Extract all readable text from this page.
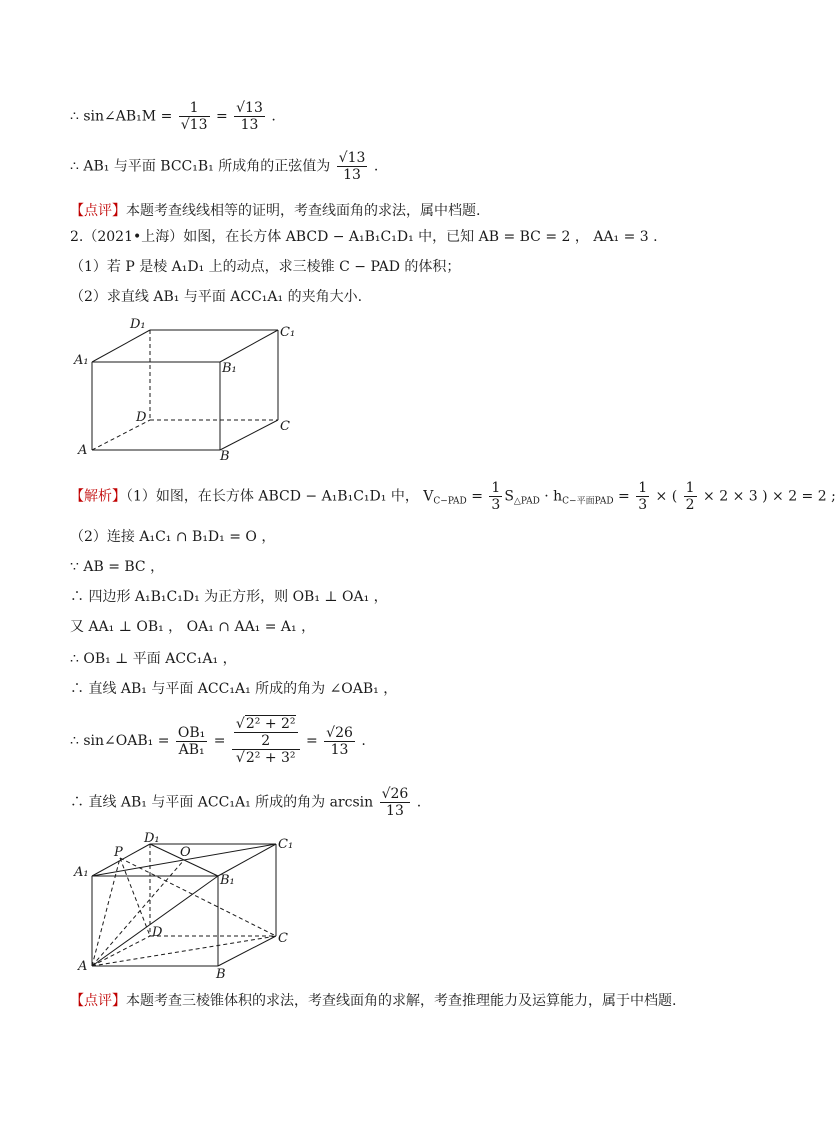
∴ sin∠AB₁M = $\frac{1}{√13} = \frac{√13}{13}$ .
∴ AB₁ 与平面 BCC₁B₁ 所成角的正弦值为 $\frac{√13}{13}$ .
【点评】本题考查线线相等的证明，考查线面角的求法，属中档题.
2.（2021•上海）如图，在长方体 ABCD − A₁B₁C₁D₁ 中，已知 AB = BC = 2 ， AA₁ = 3 .
（1）若 P 是棱 A₁D₁ 上的动点，求三棱锥 C − PAD 的体积；
（2）求直线 AB₁ 与平面 ACC₁A₁ 的夹角大小.
D₁
C₁
A₁
B₁
D
C
A	B
【解析】（1）如图，在长方体 ABCD − A₁B₁C₁D₁ 中， $V_{C-PAD} = \frac{1}{3} S_{\triangle PAD} \cdot h_{C-平面PAD} = \frac{1}{3}$ × ( $\frac{1}{2} \times 2 \times 3$ ) × 2 = 2 ;
（2）连接 A₁C₁ ∩ B₁D₁ = O ，
∵ AB = BC ，
∴ 四边形 A₁B₁C₁D₁ 为正方形，则 OB₁ ⊥ OA₁ ，
又 AA₁ ⊥ OB₁ ， OA₁ ∩ AA₁ = A₁ ，
∴ OB₁ ⊥ 平面 ACC₁A₁ ，
∴ 直线 AB₁ 与平面 ACC₁A₁ 所成的角为 ∠OAB₁ ，
∴ sin∠OAB₁ = $\frac{\text{OB₁}}{\text{AB₁}}$ =
√ $\frac{\text{2² + 2²}}{2}$
√ $2^2 + 3^2 = \frac{√26}{13}$ .
∴ 直线 AB₁ 与平面 ACC₁A₁ 所成的角为 $\arcsin \frac{√26}{13}$ .
P
D₁
O
C₁
A₁
B₁
D	C
A
B
【点评】本题考查三棱锥体积的求法，考查线面角的求解，考查推理能力及运算能力，属于中档题.
